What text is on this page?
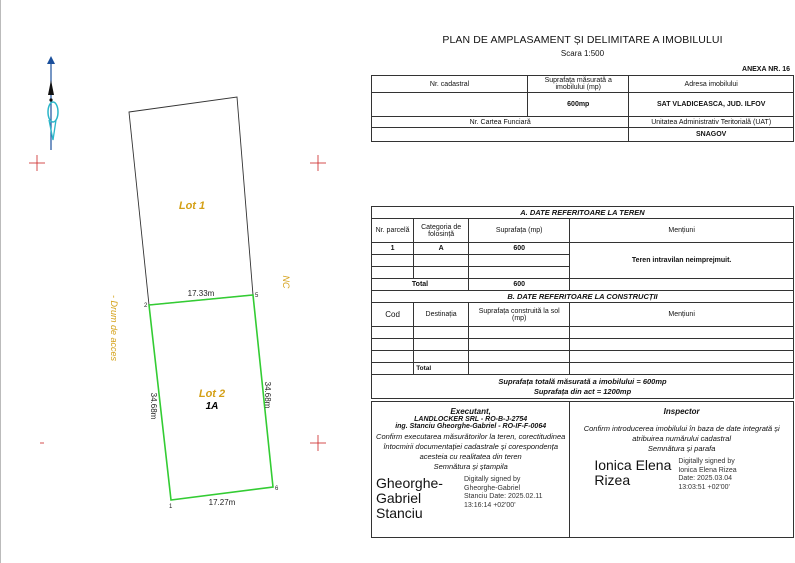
Lot 1
Lot 2
1A
17.33m
17.27m
34.68m	34.68m
- Drum de acces
NC
2
5
1
6
PLAN DE AMPLASAMENT ȘI DELIMITARE A IMOBILULUI
Scara 1:500
ANEXA NR. 16
Nr. cadastral	Suprafața măsurată a imobilului (mp)	Adresa imobilului
	600mp	SAT VLADICEASCA, JUD. ILFOV
Nr. Cartea Funciară		Unitatea Administrativ Teritorială (UAT)
		SNAGOV
A. DATE REFERITOARE LA TEREN			
Nr. parcelă	Categoria de folosință	Suprafața (mp)	Mențiuni
1	A	600	Teren intravilan neimprejmuit.

Total		600	
B. DATE REFERITOARE LA CONSTRUCȚII			
Cod	Destinația	Suprafața construită la sol (mp)	Mențiuni

	Total		

Suprafața totală măsurată a imobilului = 600mp
Suprafața din act = 1200mp			
Executant,
LANDLOCKER SRL - RO-B-J-2754
ing. Stanciu Gheorghe-Gabriel - RO-IF-F-0064
Confirm executarea măsurătorilor la teren, corectitudinea întocmirii documentației cadastrale și corespondența acesteia cu realitatea din teren
Semnătura și ștampila
Gheorghe-Gabriel Stanciu
Digitally signed by Gheorghe-Gabriel Stanciu Date: 2025.02.11 13:16:14 +02'00'

Inspector
Confirm introducerea imobilului în baza de date integrată și atribuirea numărului cadastral
Semnătura și parafa
Ionica Elena Rizea
Digitally signed by Ionica Elena Rizea Date: 2025.03.04 13:03:51 +02'00'
